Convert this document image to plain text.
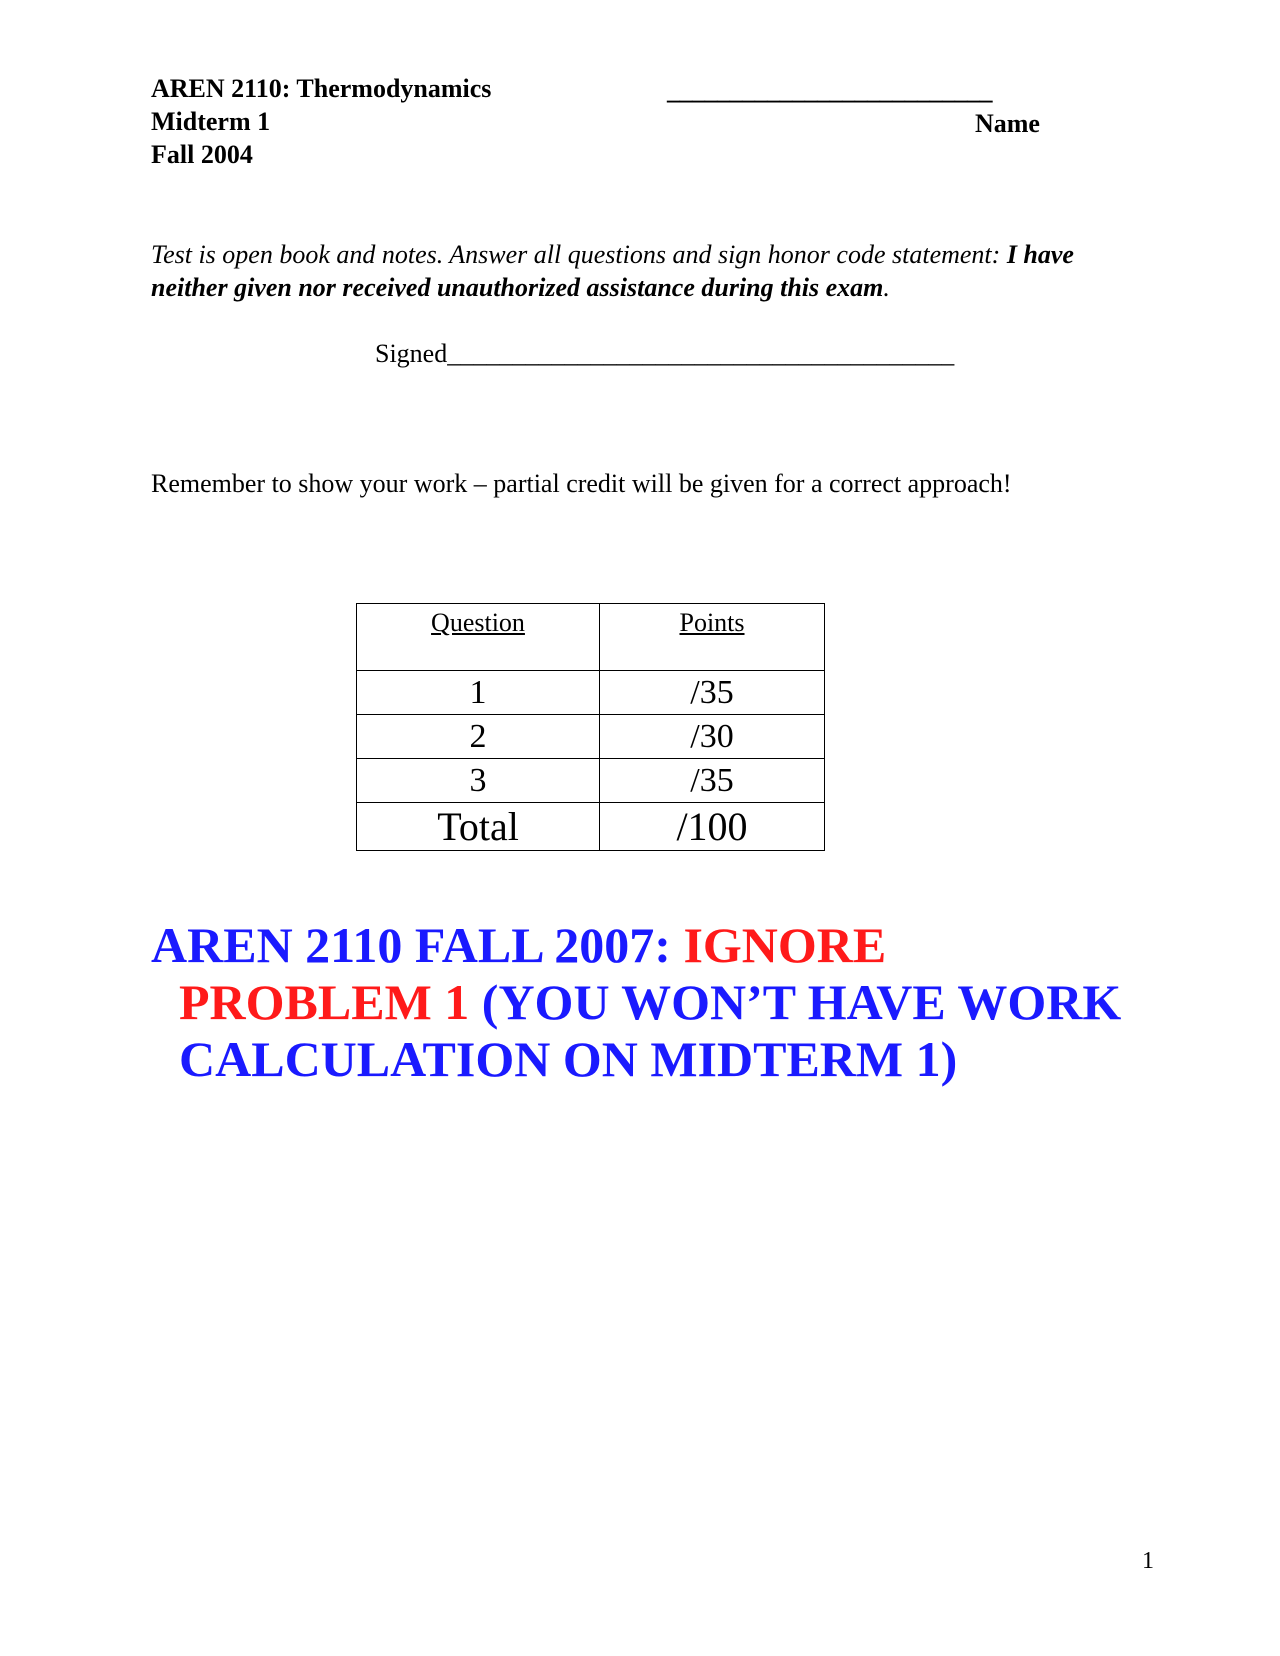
AREN 2110: Thermodynamics
Midterm 1
Fall 2004
__________________________
Name
Test is open book and notes. Answer all questions and sign honor code statement: I have neither given nor received unauthorized assistance during this exam.
Signed_______________________________________
Remember to show your work – partial credit will be given for a correct approach!
Question	Points
1	/35
2	/30
3	/35
Total	/100
AREN 2110 FALL 2007: IGNORE
PROBLEM 1 (YOU WON’T HAVE WORK
CALCULATION ON MIDTERM 1)
1
